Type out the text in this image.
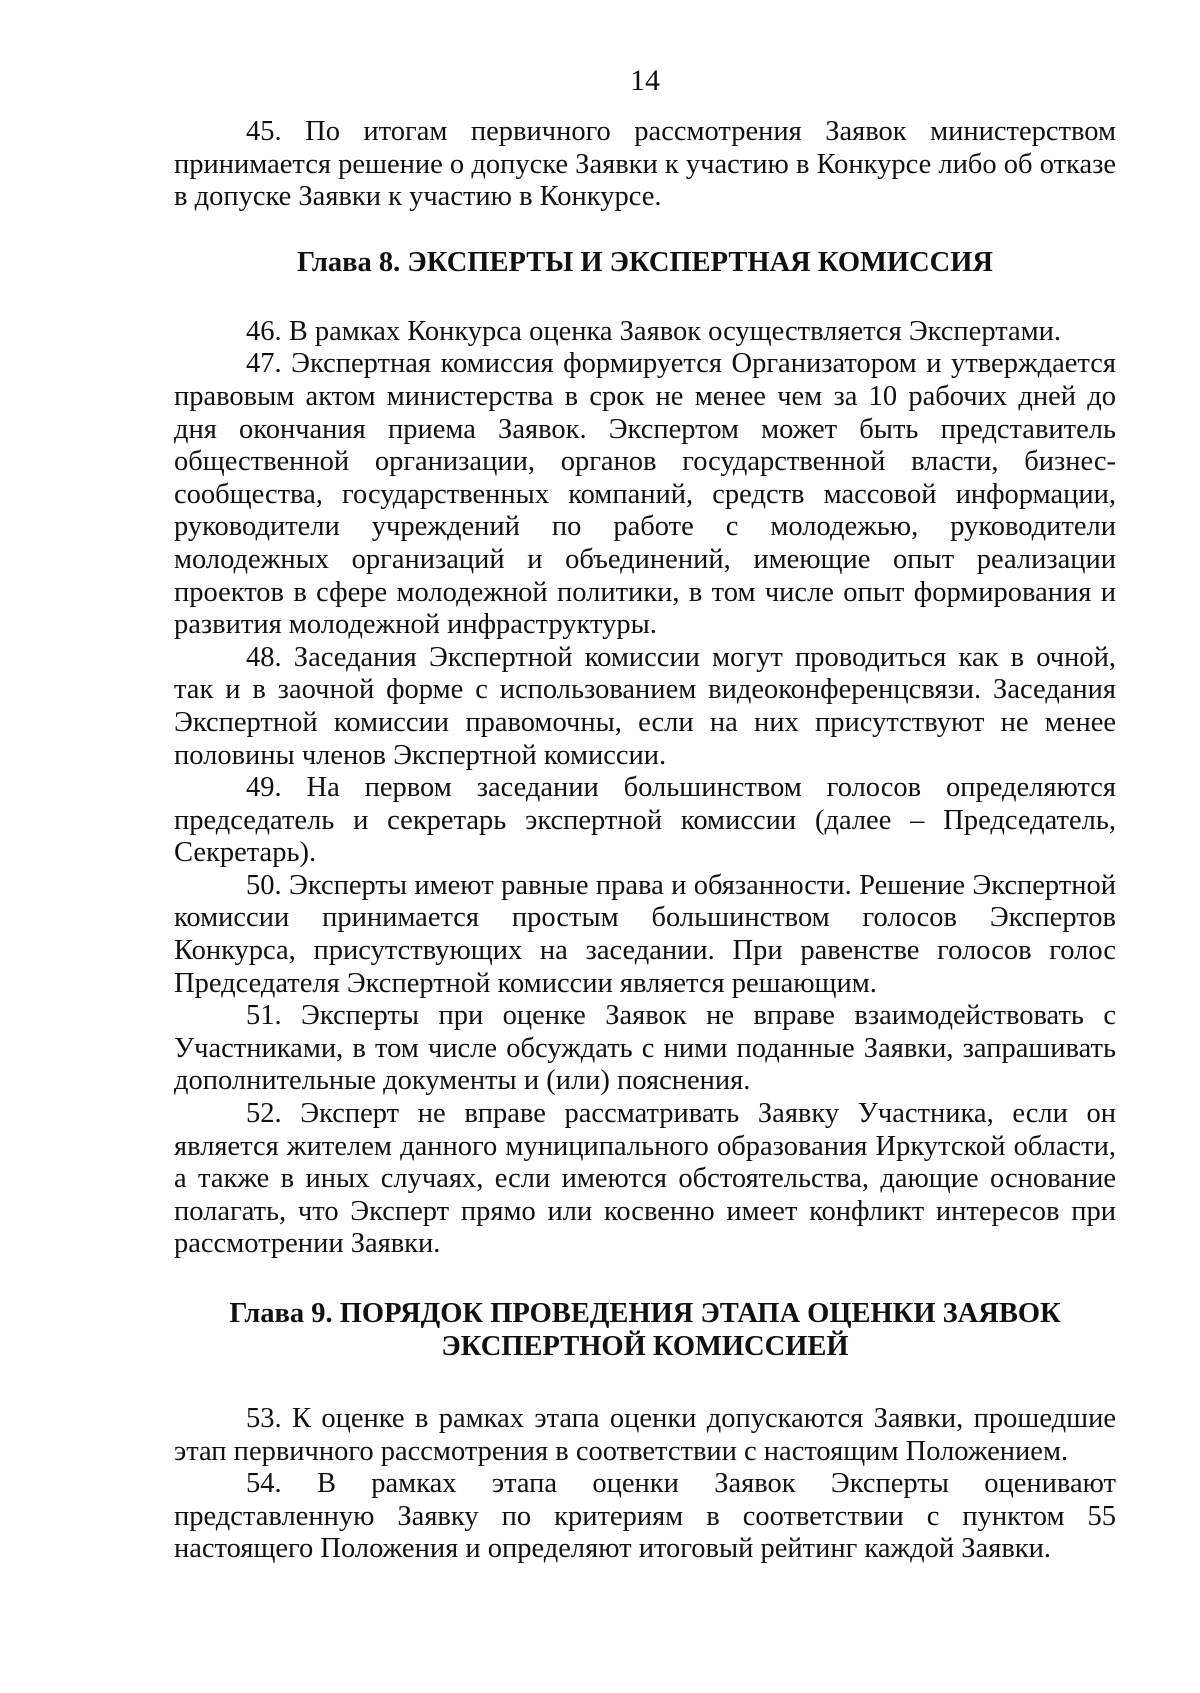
14

45. По итогам первичного рассмотрения Заявок министерством принимается решение о допуске Заявки к участию в Конкурсе либо об отказе в допуске Заявки к участию в Конкурсе.

Глава 8. ЭКСПЕРТЫ И ЭКСПЕРТНАЯ КОМИССИЯ

46. В рамках Конкурса оценка Заявок осуществляется Экспертами.

47. Экспертная комиссия формируется Организатором и утверждается правовым актом министерства в срок не менее чем за 10 рабочих дней до дня окончания приема Заявок. Экспертом может быть представитель общественной организации, органов государственной власти, бизнес-сообщества, государственных компаний, средств массовой информации, руководители учреждений по работе с молодежью, руководители молодежных организаций и объединений, имеющие опыт реализации проектов в сфере молодежной политики, в том числе опыт формирования и развития молодежной инфраструктуры.

48. Заседания Экспертной комиссии могут проводиться как в очной, так и в заочной форме с использованием видеоконференцсвязи. Заседания Экспертной комиссии правомочны, если на них присутствуют не менее половины членов Экспертной комиссии.

49. На первом заседании большинством голосов определяются председатель и секретарь экспертной комиссии (далее – Председатель, Секретарь).

50. Эксперты имеют равные права и обязанности. Решение Экспертной комиссии принимается простым большинством голосов Экспертов Конкурса, присутствующих на заседании. При равенстве голосов голос Председателя Экспертной комиссии является решающим.

51. Эксперты при оценке Заявок не вправе взаимодействовать с Участниками, в том числе обсуждать с ними поданные Заявки, запрашивать дополнительные документы и (или) пояснения.

52. Эксперт не вправе рассматривать Заявку Участника, если он является жителем данного муниципального образования Иркутской области, а также в иных случаях, если имеются обстоятельства, дающие основание полагать, что Эксперт прямо или косвенно имеет конфликт интересов при рассмотрении Заявки.

Глава 9. ПОРЯДОК ПРОВЕДЕНИЯ ЭТАПА ОЦЕНКИ ЗАЯВОК
ЭКСПЕРТНОЙ КОМИССИЕЙ

53. К оценке в рамках этапа оценки допускаются Заявки, прошедшие этап первичного рассмотрения в соответствии с настоящим Положением.

54. В рамках этапа оценки Заявок Эксперты оценивают представленную Заявку по критериям в соответствии с пунктом 55 настоящего Положения и определяют итоговый рейтинг каждой Заявки.
